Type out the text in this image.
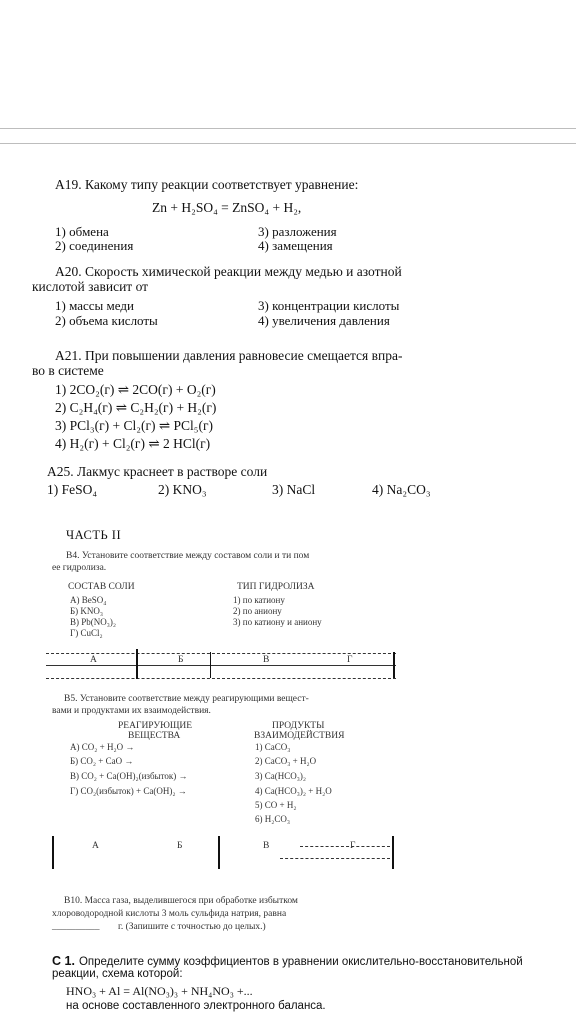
A19. Какому типу реакции соответствует уравнение:
Zn + H₂SO₄ = ZnSO₄ + H₂,
1) обмена	3) разложения
2) соединения	4) замещения
A20. Скорость химической реакции между медью и азотной
кислотой зависит от
1) массы меди	3) концентрации кислоты
2) объема кислоты	4) увеличения давления
A21. При повышении давления равновесие смещается впра-
во в системе
1) 2CO₂(г) ⇌ 2CO(г) + O₂(г)
2) C₂H₄(г) ⇌ C₂H₂(г) + H₂(г)
3) PCl₃(г) + Cl₂(г) ⇌ PCl₅(г)
4) H₂(г) + Cl₂(г) ⇌ 2 HCl(г)
A25. Лакмус краснеет в растворе соли
1) FeSO₄	2) KNO₃	3) NaCl	4) Na₂CO₃
ЧАСТЬ II
B4. Установите соответствие между составом соли и ти пом
ее гидролиза.
СОСТАВ СОЛИ	ТИП ГИДРОЛИЗА
А) BeSO₄
Б) KNO₃
В) Pb(NO₃)₂
Г) CuCl₂
1) по катиону
2) по аниону
3) по катиону и аниону
А	Б	В	Г
B5. Установите соответствие между реагирующими вещест-
вами и продуктами их взаимодействия.
РЕАГИРУЮЩИЕ
ВЕЩЕСТВА
ПРОДУКТЫ
ВЗАИМОДЕЙСТВИЯ
А) CO₂ + H₂O →
Б) CO₂ + CaO →
В) CO₂ + Ca(OH)₂(избыток) →
Г) CO₂(избыток) + Ca(OH)₂ →
1) CaCO₃
2) CaCO₃ + H₂O
3) Ca(HCO₃)₂
4) Ca(HCO₃)₂ + H₂O
5) CO + H₂
6) H₂CO₃
А	Б	В	Г
B10. Масса газа, выделившегося при обработке избытком
хлороводородной кислоты 3 моль сульфида натрия, равна
__________ г. (Запишите с точностью до целых.)
C 1. Определите сумму коэффициентов в уравнении окислительно-восстановительной
реакции, схема которой:
HNO₃ + Al = Al(NO₃)₃ + NH₄NO₃ +...
на основе составленного электронного баланса.
